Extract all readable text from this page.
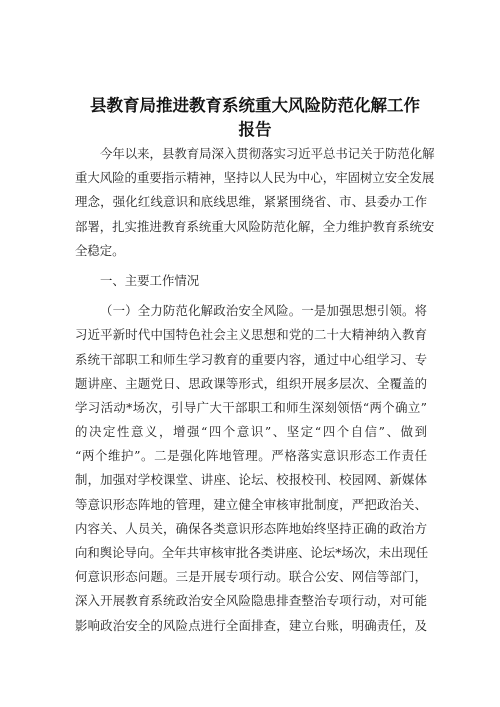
县教育局推进教育系统重大风险防范化解工作
报告
今年以来，县教育局深入贯彻落实习近平总书记关于防范化解
重大风险的重要指示精神，坚持以人民为中心，牢固树立安全发展
理念，强化红线意识和底线思维，紧紧围绕省、市、县委办工作
部署，扎实推进教育系统重大风险防范化解，全力维护教育系统安
全稳定。
一、主要工作情况
（一）全力防范化解政治安全风险。一是加强思想引领。将
习近平新时代中国特色社会主义思想和党的二十大精神纳入教育
系统干部职工和师生学习教育的重要内容，通过中心组学习、专
题讲座、主题党日、思政课等形式，组织开展多层次、全覆盖的
学习活动*场次，引导广大干部职工和师生深刻领悟“两个确立”
的决定性意义，增强“四个意识”、坚定“四个自信”、做到
“两个维护”。二是强化阵地管理。严格落实意识形态工作责任
制，加强对学校课堂、讲座、论坛、校报校刊、校园网、新媒体
等意识形态阵地的管理，建立健全审核审批制度，严把政治关、
内容关、人员关，确保各类意识形态阵地始终坚持正确的政治方
向和舆论导向。全年共审核审批各类讲座、论坛*场次，未出现任
何意识形态问题。三是开展专项行动。联合公安、网信等部门，
深入开展教育系统政治安全风险隐患排查整治专项行动，对可能
影响政治安全的风险点进行全面排查，建立台账，明确责任，及
